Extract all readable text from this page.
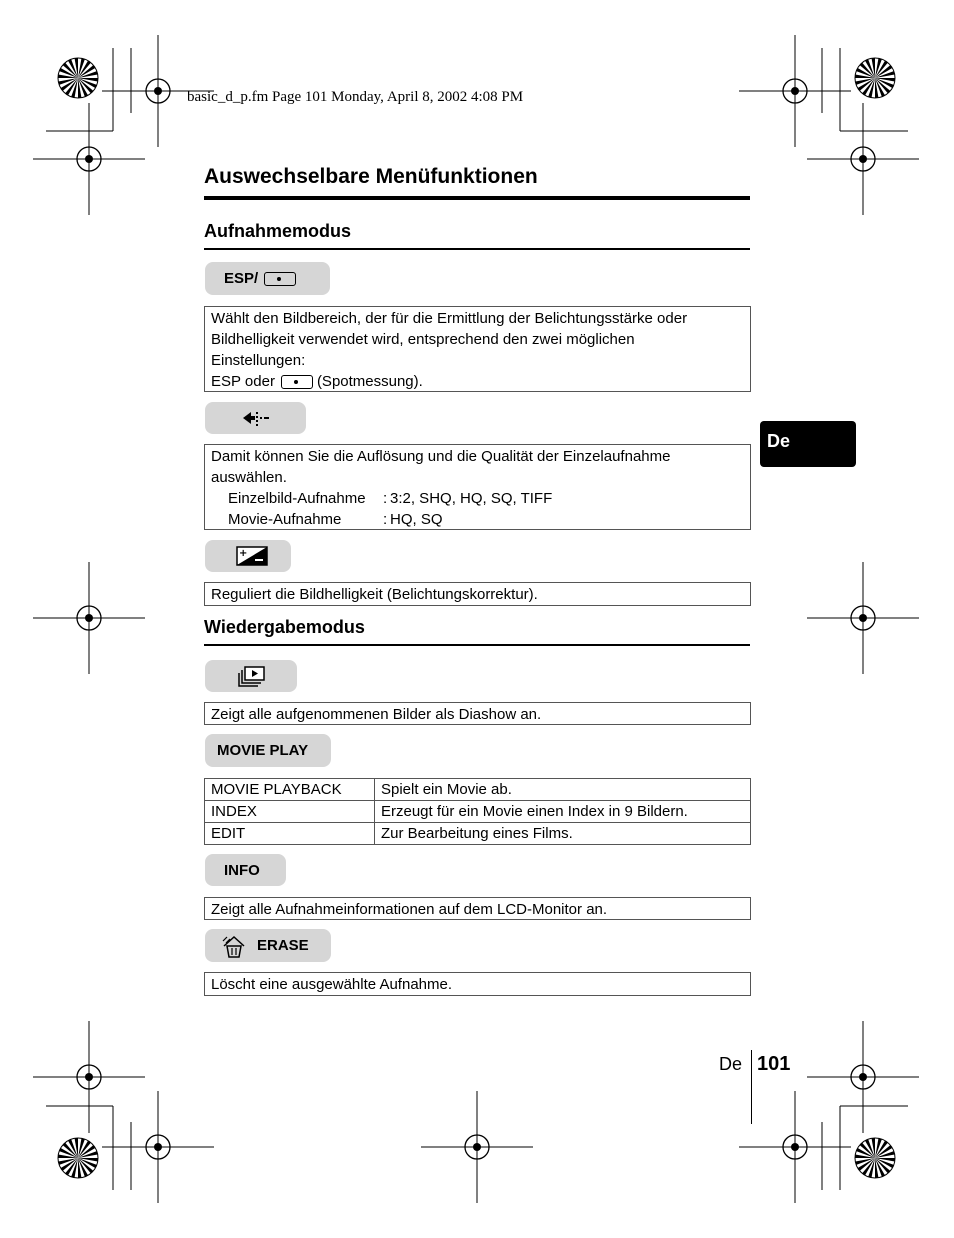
basic_d_p.fm Page 101 Monday, April 8, 2002 4:08 PM
Auswechselbare Menüfunktionen
Aufnahmemodus
ESP/
Wählt den Bildbereich, der für die Ermittlung der Belichtungsstärke oder
Bildhelligkeit verwendet wird, entsprechend den zwei möglichen
Einstellungen:
ESP oder	(Spotmessung).
Damit können Sie die Auflösung und die Qualität der Einzelaufnahme
auswählen.
Einzelbild-Aufnahme	: 3:2, SHQ, HQ, SQ, TIFF
Movie-Aufnahme	: HQ, SQ
+
Reguliert die Bildhelligkeit (Belichtungskorrektur).
Wiedergabemodus
Zeigt alle aufgenommenen Bilder als Diashow an.
MOVIE PLAY
MOVIE PLAYBACK	Spielt ein Movie ab.
INDEX	Erzeugt für ein Movie einen Index in 9 Bildern.
EDIT	Zur Bearbeitung eines Films.
INFO
Zeigt alle Aufnahmeinformationen auf dem LCD-Monitor an.
ERASE
Löscht eine ausgewählte Aufnahme.
De
De 101
